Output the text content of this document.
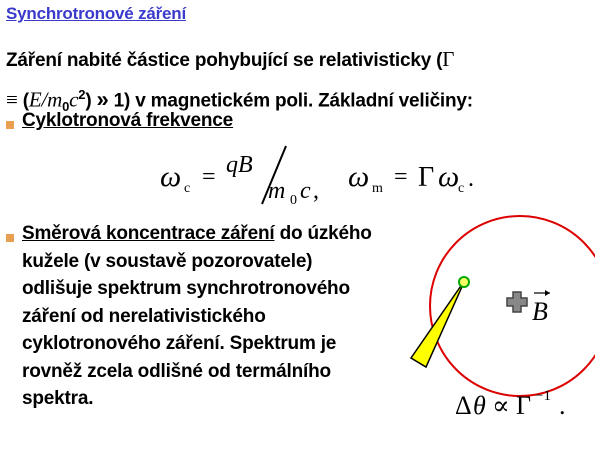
Synchrotronové záření
Záření nabité částice pohybující se relativisticky (Γ
≡ $(E/m_0c^2)$ » 1) v magnetickém poli. Základní veličiny:
Cyklotronová frekvence
ω c = qB
m 0 c , ω m = Γ ω
c .
Směrová koncentrace záření do úzkého kužele (v soustavě pozorovatele) odlišuje spektrum synchrotronového záření od nerelativistického cyklotronového záření. Spektrum je rovněž zcela odlišné od termálního spektra.
B
Δ θ ∝ Γ −1 .
